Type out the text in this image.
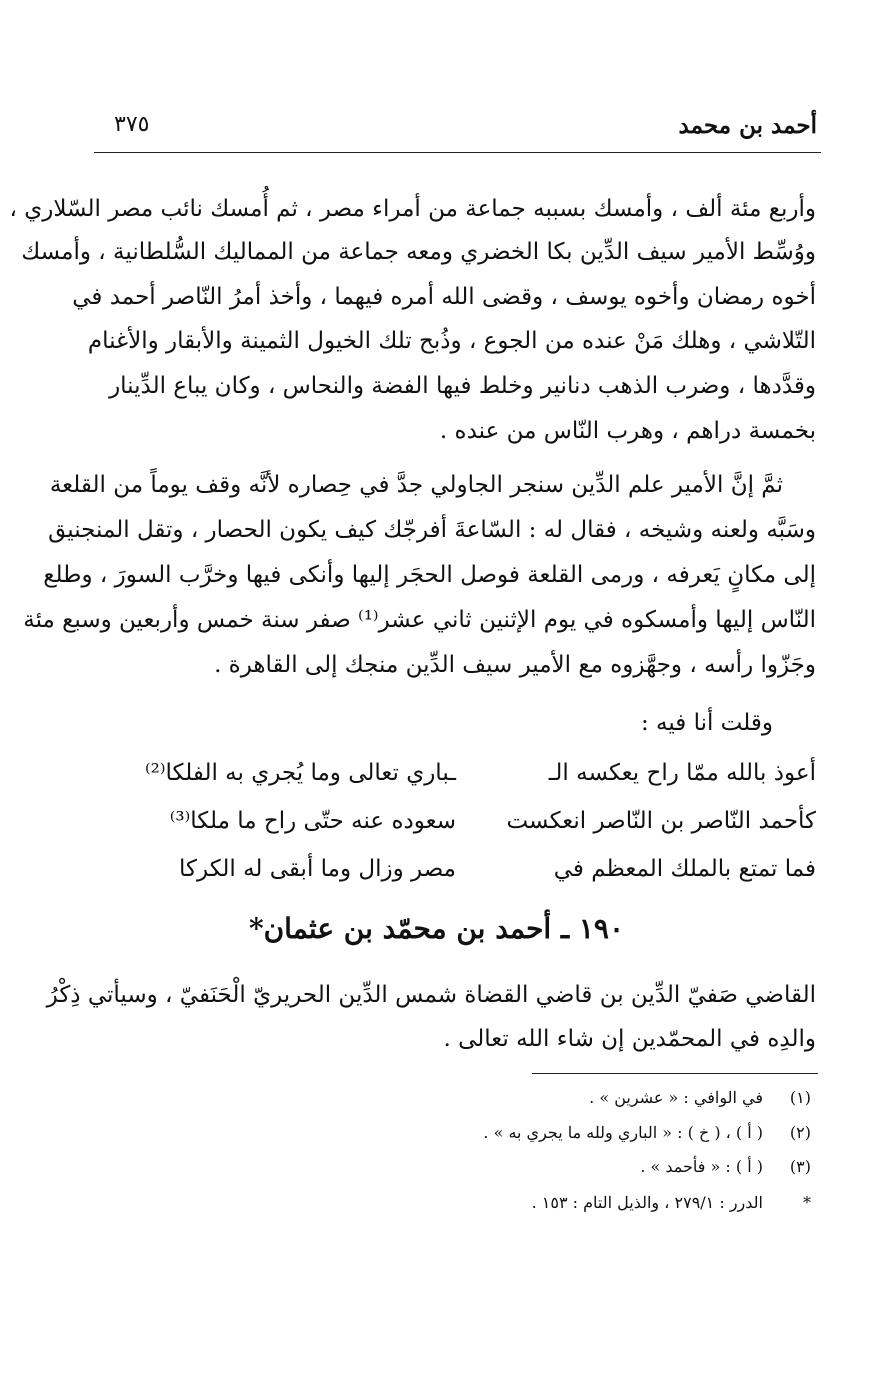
أحمد بن محمد
٣٧٥
وأربع مئة ألف ، وأمسك بسببه جماعة من أمراء مصر ، ثم أُمسك نائب مصر السّلاري ،
ووُسِّط الأمير سيف الدِّين بكا الخضري ومعه جماعة من المماليك السُّلطانية ، وأمسك
أخوه رمضان وأخوه يوسف ، وقضى الله أمره فيهما ، وأخذ أمرُ النّاصر أحمد في
التّلاشي ، وهلك مَنْ عنده من الجوع ، وذُبح تلك الخيول الثمينة والأبقار والأغنام
وقدَّدها ، وضرب الذهب دنانير وخلط فيها الفضة والنحاس ، وكان يباع الدِّينار
بخمسة دراهم ، وهرب النّاس من عنده .
ثمَّ إنَّ الأمير علم الدِّين سنجر الجاولي جدَّ في حِصاره لأنَّه وقف يوماً من القلعة
وسَبَّه ولعنه وشيخه ، فقال له : السّاعةَ أفرجّك كيف يكون الحصار ، وتقل المنجنيق
إلى مكانٍ يَعرفه ، ورمى القلعة فوصل الحجَر إليها وأنكى فيها وخرَّب السورَ ، وطلع
النّاس إليها وأمسكوه في يوم الإثنين ثاني عشر⁽¹⁾ صفر سنة خمس وأربعين وسبع مئة
وجَزّوا رأسه ، وجهَّزوه مع الأمير سيف الدِّين منجك إلى القاهرة .
وقلت أنا فيه :
أعوذ بالله ممّا راح يعكسه الـ
ـباري تعالى وما يُجري به الفلكا⁽²⁾
كأحمد النّاصر بن النّاصر انعكست
سعوده عنه حتّى راح ما ملكا⁽³⁾
فما تمتع بالملك المعظم في
مصر وزال وما أبقى له الكركا
١٩٠ ـ أحمد بن محمّد بن عثمان*
القاضي صَفيّ الدِّين بن قاضي القضاة شمس الدِّين الحريريّ الْحَنَفيّ ، وسيأتي ذِكْرُ
والدِه في المحمّدين إن شاء الله تعالى .
(١)في الوافي : « عشرين » .
(٢)( أ ) ، ( خ ) : « الباري ولله ما يجري به » .
(٣)( أ ) : « فأحمد » .
*الدرر : ٢٧٩/١ ، والذيل التام : ١٥٣ .
